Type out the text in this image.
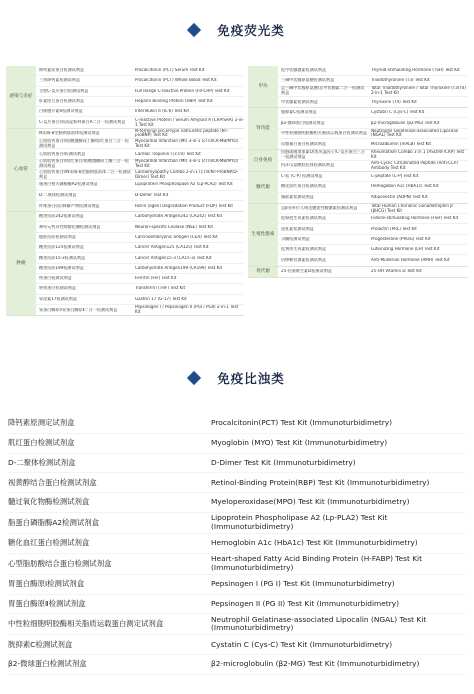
免疫荧光类
感染与炎症
降钙素原蛋白检测试剂盒	Procalcitonin (PCT) Serum Test Kit
三项降钙素检测试剂盒	Procalcitonin (PCT) Whole Blood Test Kit
全程C-反应蛋白检测试剂盒	Full Range C-reactive Protein (FR-CRP) Test Kit
肝素结合蛋白检测试剂盒	Heparin Binding Protein (HBP) Test Kit
白细胞介素6检测试剂盒	Interleukin 6 (IL-6) Test Kit
C-反应蛋白/血清淀粉样蛋白A二合一检测试剂盒	C-reactive Protein / Serum Amyloid A (CRP/SAA) 2-in-1 Test Kit
心血管
N末端-B型脑钠肽前体检测试剂盒	N-terminal pro B-type natriuretic peptide (NT-proBNP) Test Kit
心肌肌钙蛋白I/肌酸激酶同工酶/肌红蛋白三合一检测试剂盒
Myocardial Infarction (MI) 3-in-1 (cTnI/CK-MB/MYO) Test Kit
心肌肌钙蛋白I检测试剂盒	Cardiac Troponin I (cTnI) Test Kit
心肌肌钙蛋白I/肌红蛋白/肌酸激酶同工酶三合一检测试剂盒
Myocardial Infarction (MI) 3-in-1 (cTnI/CK-MB/MYO) Test Kit
心肌肌钙蛋白I/N末端-B型脑钠肽前体二合一检测试剂盒
Cardiomyopathy Combo 2-in-1 (cTnI/NT-ProBNP/D-Dimer) Test Kit
脂蛋白相关磷脂酶A2检测试剂盒	Lipoprotein Phospholipase A2 (Lp-PLA2) Test Kit
D-二聚体检测试剂盒	D-Dimer Test Kit
纤维蛋白(原)降解产物检测试剂盒	Fibrin (ogen) Degradation Product (FDP) Test Kit
肿瘤
糖类抗原242检测试剂盒	Carbohydrate Antigen242 (CA242) Test Kit
神经元特异性烯醇化酶检测试剂盒	Neuron-specific Enolase (NSE) Test Kit
癌胚抗原检测试剂盒	Carcinoembryonic antigen (CEA) Test Kit
糖类抗原125检测试剂盒	Cancer Antigen125 (CA125) Test Kit
糖类抗原15-3检测试剂盒	Cancer Antigen15-3 (CA15-3) Test Kit
糖类抗原199检测试剂盒	Carbohydrate Antigen199 (CA199) Test Kit
铁蛋白检测试剂盒	Ferritin (Fer) Test Kit
转铁蛋白检测试剂盒	Transferrin (TRF) Test Kit
胃泌素17检测试剂盒	Gastrin 17 (G-17) Test Kit
胃蛋白酶原Ⅰ/胃蛋白酶原Ⅱ二合一检测试剂盒	Pepsinogen I / Pepsinogen II (PGI / PGII) 2-in-1 Test Kit
甲功
促甲状腺激素检测试剂盒	Thyroid-stimulating Hormone (TSH) Test Kit
三碘甲状腺原氨酸检测试剂盒	Triiodothyronine (T3) Test Kit
总三碘甲状腺原氨酸/总甲状腺素二合一检测试剂盒
Total Triiodothyronine / Total Thyroxine (T3/T4) 2-in-1 Test Kit
甲状腺素检测试剂盒	Thyroxine (T4) Test Kit
肾功能
胱抑素C检测试剂盒	Cystatin C (Cys-C) Test Kit
β2-微球蛋白检测试剂盒	β2-microglobulin (β2-MG) Test Kit
中性粒细胞明胶酶相关脂质运载蛋白检测试剂盒 Neutrophil Gelatinase-associated Lipocalin (NGAL) Test Kit
尿微量白蛋白检测试剂盒	Microalbumin (mALB) Test Kit
自身免疫
抗链球菌溶血素O/类风湿因子/C-反应蛋白三合一检测试剂盒
Rheumatism Combo 3 in 1 (ASO/RF/CRP) Test Kit
抗环瓜氨酸肽抗体检测试剂盒	Anti-Cyclic Citrullinated Peptide (Anti-CCP) Antibody Test Kit
糖代谢
C-肽 (C-P) 检测试剂盒	C-peptide (C-P) Test Kit
糖化血红蛋白检测试剂盒	Hemoglobin A1c (HbA1c) Test Kit
脂联素检测试剂盒	Adiponectin (ADPN) Test Kit
生殖性激素
总β亚单位人绒毛膜促性腺激素检测试剂盒	Total Human Chorionic Gonadotrophin β (βHCG) Test Kit
促卵泡生成素检测试剂盒	Follicle-stimulating Hormone (FSH) Test Kit
泌乳素检测试剂盒	Prolactin (PRL) Test Kit
孕酮检测试剂盒	Progesterone (PROG) Test Kit
促黄体生成素检测试剂盒	Luteinizing Hormone (LH) Test Kit
抗缪勒管激素检测试剂盒	Anti-Mullerian Hormone (AMH) Test Kit
骨代谢	25-羟基维生素D检测试剂盒	25-OH Vitamin D Test Kit
免疫比浊类
降钙素原测定试剂盒	Procalcitonin(PCT) Test Kit (Immunoturbidimetry)
肌红蛋白检测试剂盒	Myoglobin (MYO) Test Kit (Immunoturbidimetry)
D-二聚体检测试剂盒	D-Dimer Test Kit (Immunoturbidimetry)
视黄醇结合蛋白检测试剂盒	Retinol-Binding Protein(RBP) Test Kit (Immunoturbidimetry)
髓过氧化物酶检测试剂盒	Myeloperoxidase(MPO) Test Kit (Immunoturbidimetry)
脂蛋白磷脂酶A2检测试剂盒	Lipoprotein Phospholipase A2 (Lp-PLA2) Test Kit (Immunoturbidimetry)
糖化血红蛋白检测试剂盒	Hemoglobin A1c (HbA1c) Test Kit (Immunoturbidimetry)
心型脂肪酸结合蛋白检测试剂盒	Heart-shaped Fatty Acid Binding Protein (H-FABP) Test Kit (Immunoturbidimetry)
胃蛋白酶原Ⅰ检测试剂盒	Pepsinogen I (PG I) Test Kit (Immunoturbidimetry)
胃蛋白酶原Ⅱ检测试剂盒	Pepsinogen II (PG II) Test Kit (Immunoturbidimetry)
中性粒细胞明胶酶相关脂质运载蛋白测定试剂盒	Neutrophil Gelatinase-associated Lipocalin (NGAL) Test Kit (Immunoturbidimetry)
胱抑素C检测试剂盒	Cystatin C (Cys-C) Test Kit (Immunoturbidimetry)
β2-微球蛋白检测试剂盒	β2-microglobulin (β2-MG) Test Kit (Immunoturbidimetry)
